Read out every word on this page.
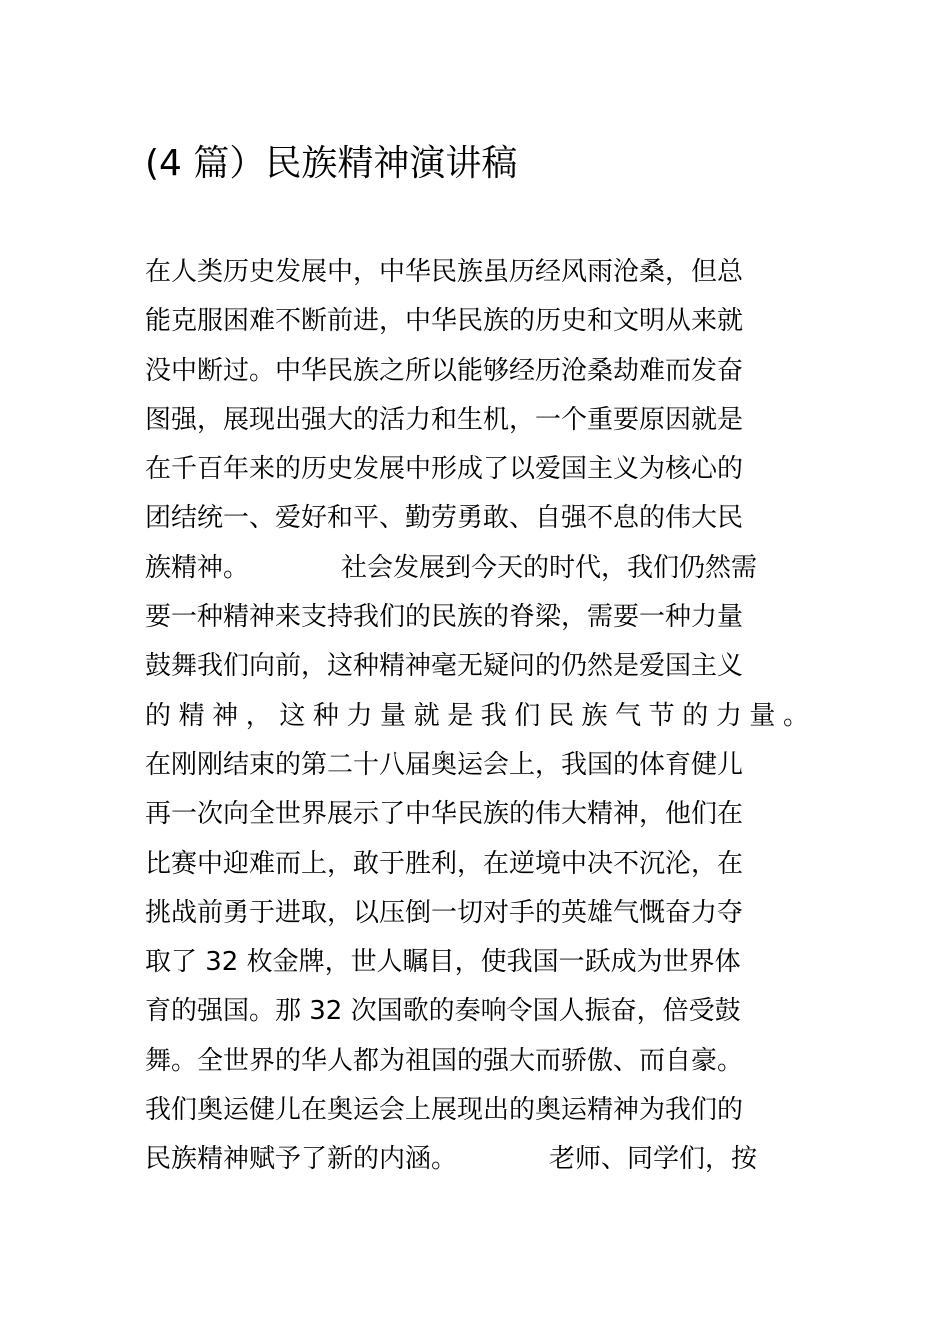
(4 篇）民族精神演讲稿
在人类历史发展中，中华民族虽历经风雨沧桑，但总
能克服困难不断前进，中华民族的历史和文明从来就
没中断过。中华民族之所以能够经历沧桑劫难而发奋
图强，展现出强大的活力和生机，一个重要原因就是
在千百年来的历史发展中形成了以爱国主义为核心的
团结统一、爱好和平、勤劳勇敢、自强不息的伟大民
族精神。	社会发展到今天的时代，我们仍然需
要一种精神来支持我们的民族的脊梁，需要一种力量
鼓舞我们向前，这种精神毫无疑问的仍然是爱国主义
的精神，这种力量就是我们民族气节的力量。
在刚刚结束的第二十八届奥运会上，我国的体育健儿
再一次向全世界展示了中华民族的伟大精神，他们在
比赛中迎难而上，敢于胜利，在逆境中决不沉沦，在
挑战前勇于进取，以压倒一切对手的英雄气慨奋力夺
取了 32 枚金牌，世人瞩目，使我国一跃成为世界体
育的强国。那 32 次国歌的奏响令国人振奋，倍受鼓
舞。全世界的华人都为祖国的强大而骄傲、而自豪。
我们奥运健儿在奥运会上展现出的奥运精神为我们的
民族精神赋予了新的内涵。	老师、同学们，按
